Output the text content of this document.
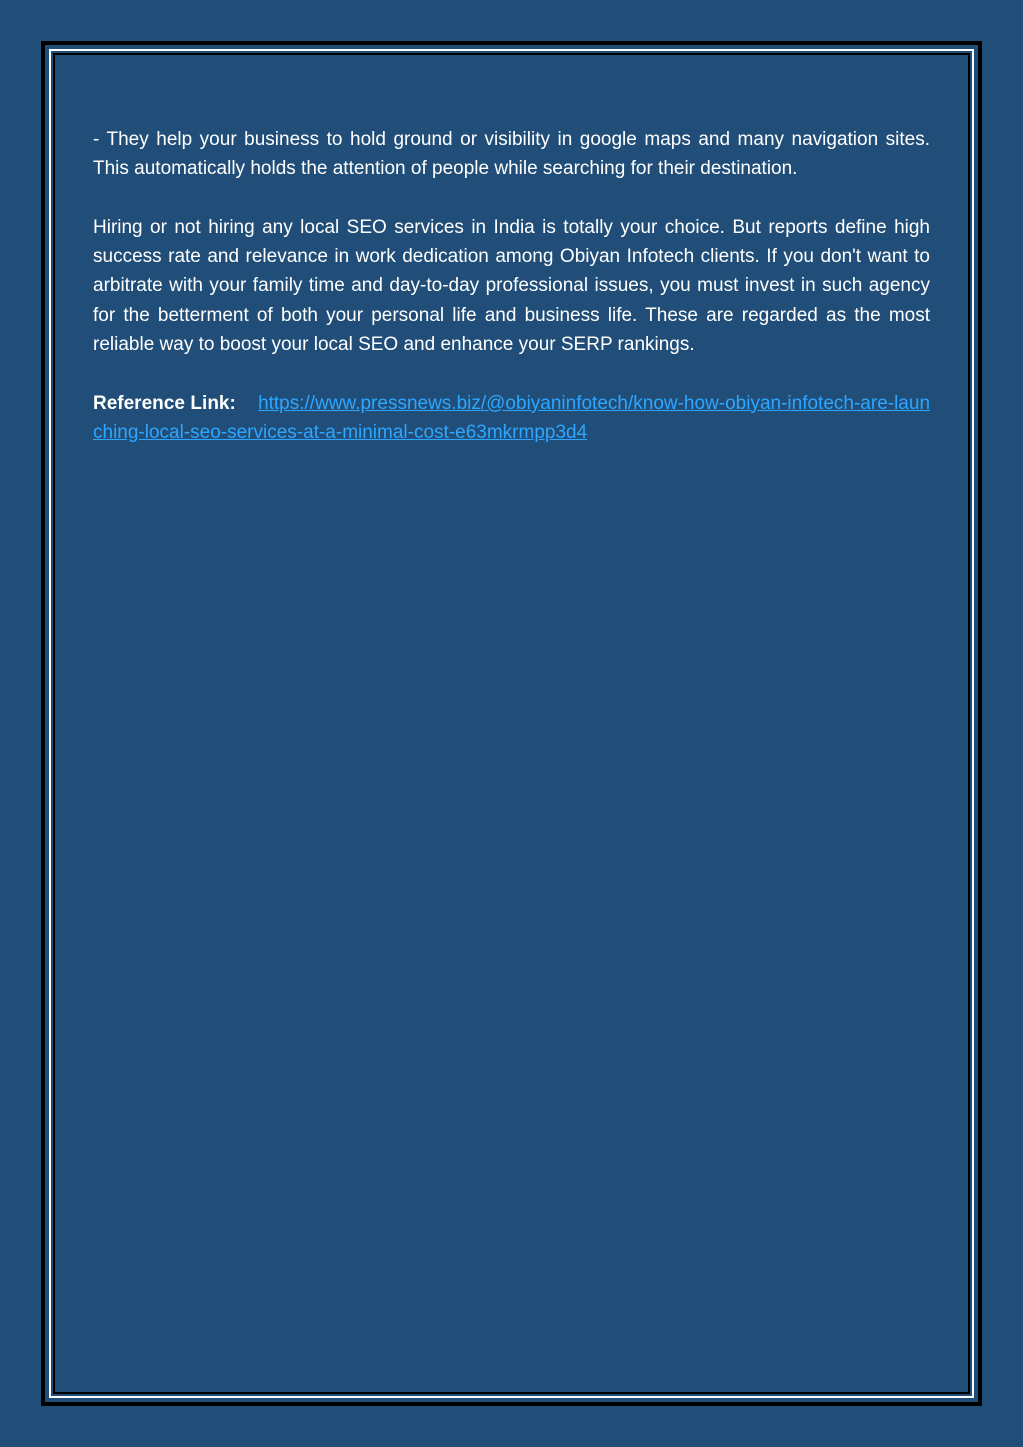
- They help your business to hold ground or visibility in google maps and many navigation sites. This automatically holds the attention of people while searching for their destination.

Hiring or not hiring any local SEO services in India is totally your choice. But reports define high success rate and relevance in work dedication among Obiyan Infotech clients. If you don't want to arbitrate with your family time and day-to-day professional issues, you must invest in such agency for the betterment of both your personal life and business life. These are regarded as the most reliable way to boost your local SEO and enhance your SERP rankings.

Reference Link: https://www.pressnews.biz/@obiyaninfotech/know-how-obiyan-infotech-are-launching-local-seo-services-at-a-minimal-cost-e63mkrmpp3d4
